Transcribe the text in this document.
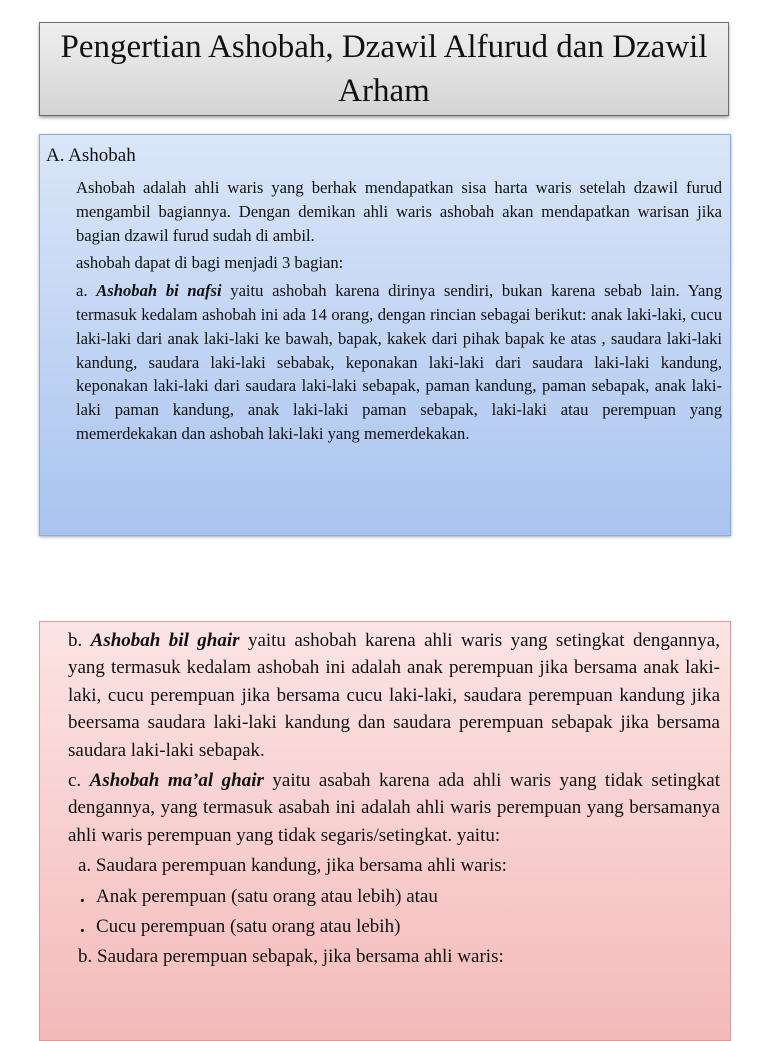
Pengertian Ashobah, Dzawil Alfurud dan Dzawil Arham
A. Ashobah

Ashobah adalah ahli waris yang berhak mendapatkan sisa harta waris setelah dzawil furud mengambil bagiannya. Dengan demikan ahli waris ashobah akan mendapatkan warisan jika bagian dzawil furud sudah di ambil.

ashobah dapat di bagi menjadi 3 bagian:

a. Ashobah bi nafsi yaitu ashobah karena dirinya sendiri, bukan karena sebab lain. Yang termasuk kedalam ashobah ini ada 14 orang, dengan rincian sebagai berikut: anak laki-laki, cucu laki-laki dari anak laki-laki ke bawah, bapak, kakek dari pihak bapak ke atas , saudara laki-laki kandung, saudara laki-laki sebabak, keponakan laki-laki dari saudara laki-laki kandung, keponakan laki-laki dari saudara laki-laki sebapak, paman kandung, paman sebapak, anak laki-laki paman kandung, anak laki-laki paman sebapak, laki-laki atau perempuan yang memerdekakan dan ashobah laki-laki yang memerdekakan.

b. Ashobah bil ghair yaitu ashobah karena ahli waris yang setingkat dengannya, yang termasuk kedalam ashobah ini adalah anak perempuan jika bersama anak laki-laki, cucu perempuan jika bersama cucu laki-laki, saudara perempuan kandung jika beersama saudara laki-laki kandung dan saudara perempuan sebapak jika bersama saudara laki-laki sebapak.

c. Ashobah ma’al ghair yaitu asabah karena ada ahli waris yang tidak setingkat dengannya, yang termasuk asabah ini adalah ahli waris perempuan yang bersamanya ahli waris perempuan yang tidak segaris/setingkat. yaitu:

a. Saudara perempuan kandung, jika bersama ahli waris:

. Anak perempuan (satu orang atau lebih) atau

. Cucu perempuan (satu orang atau lebih)

b. Saudara perempuan sebapak, jika bersama ahli waris:
